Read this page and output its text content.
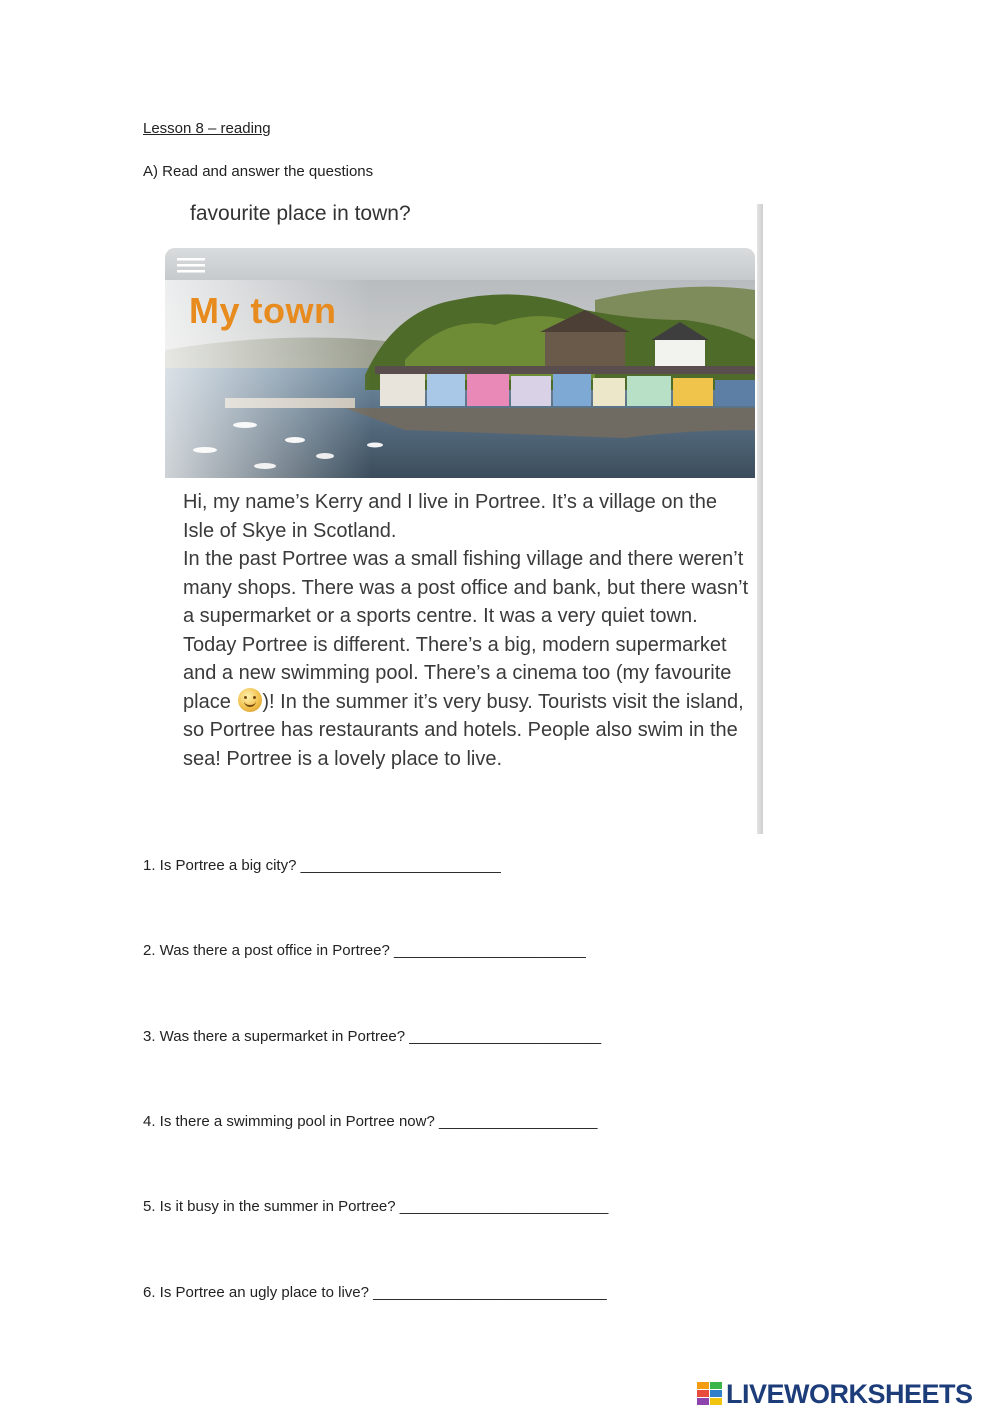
Lesson 8 – reading
A) Read and answer the questions
favourite place in town?
My town

Hi, my name’s Kerry and I live in Portree. It’s a village on the Isle of Skye in Scotland.

In the past Portree was a small fishing village and there weren’t many shops. There was a post office and bank, but there wasn’t a supermarket or a sports centre. It was a very quiet town.

Today Portree is different. There’s a big, modern supermarket and a new swimming pool. There’s a cinema too (my favourite place )! In the summer it’s very busy. Tourists visit the island, so Portree has restaurants and hotels. People also swim in the sea! Portree is a lovely place to live.

1. Is Portree a big city? ________________________
2. Was there a post office in Portree? _______________________
3. Was there a supermarket in Portree? _______________________
4. Is there a swimming pool in Portree now? ___________________
5. Is it busy in the summer in Portree? _________________________
6. Is Portree an ugly place to live? ____________________________
LIVEWORKSHEETS
